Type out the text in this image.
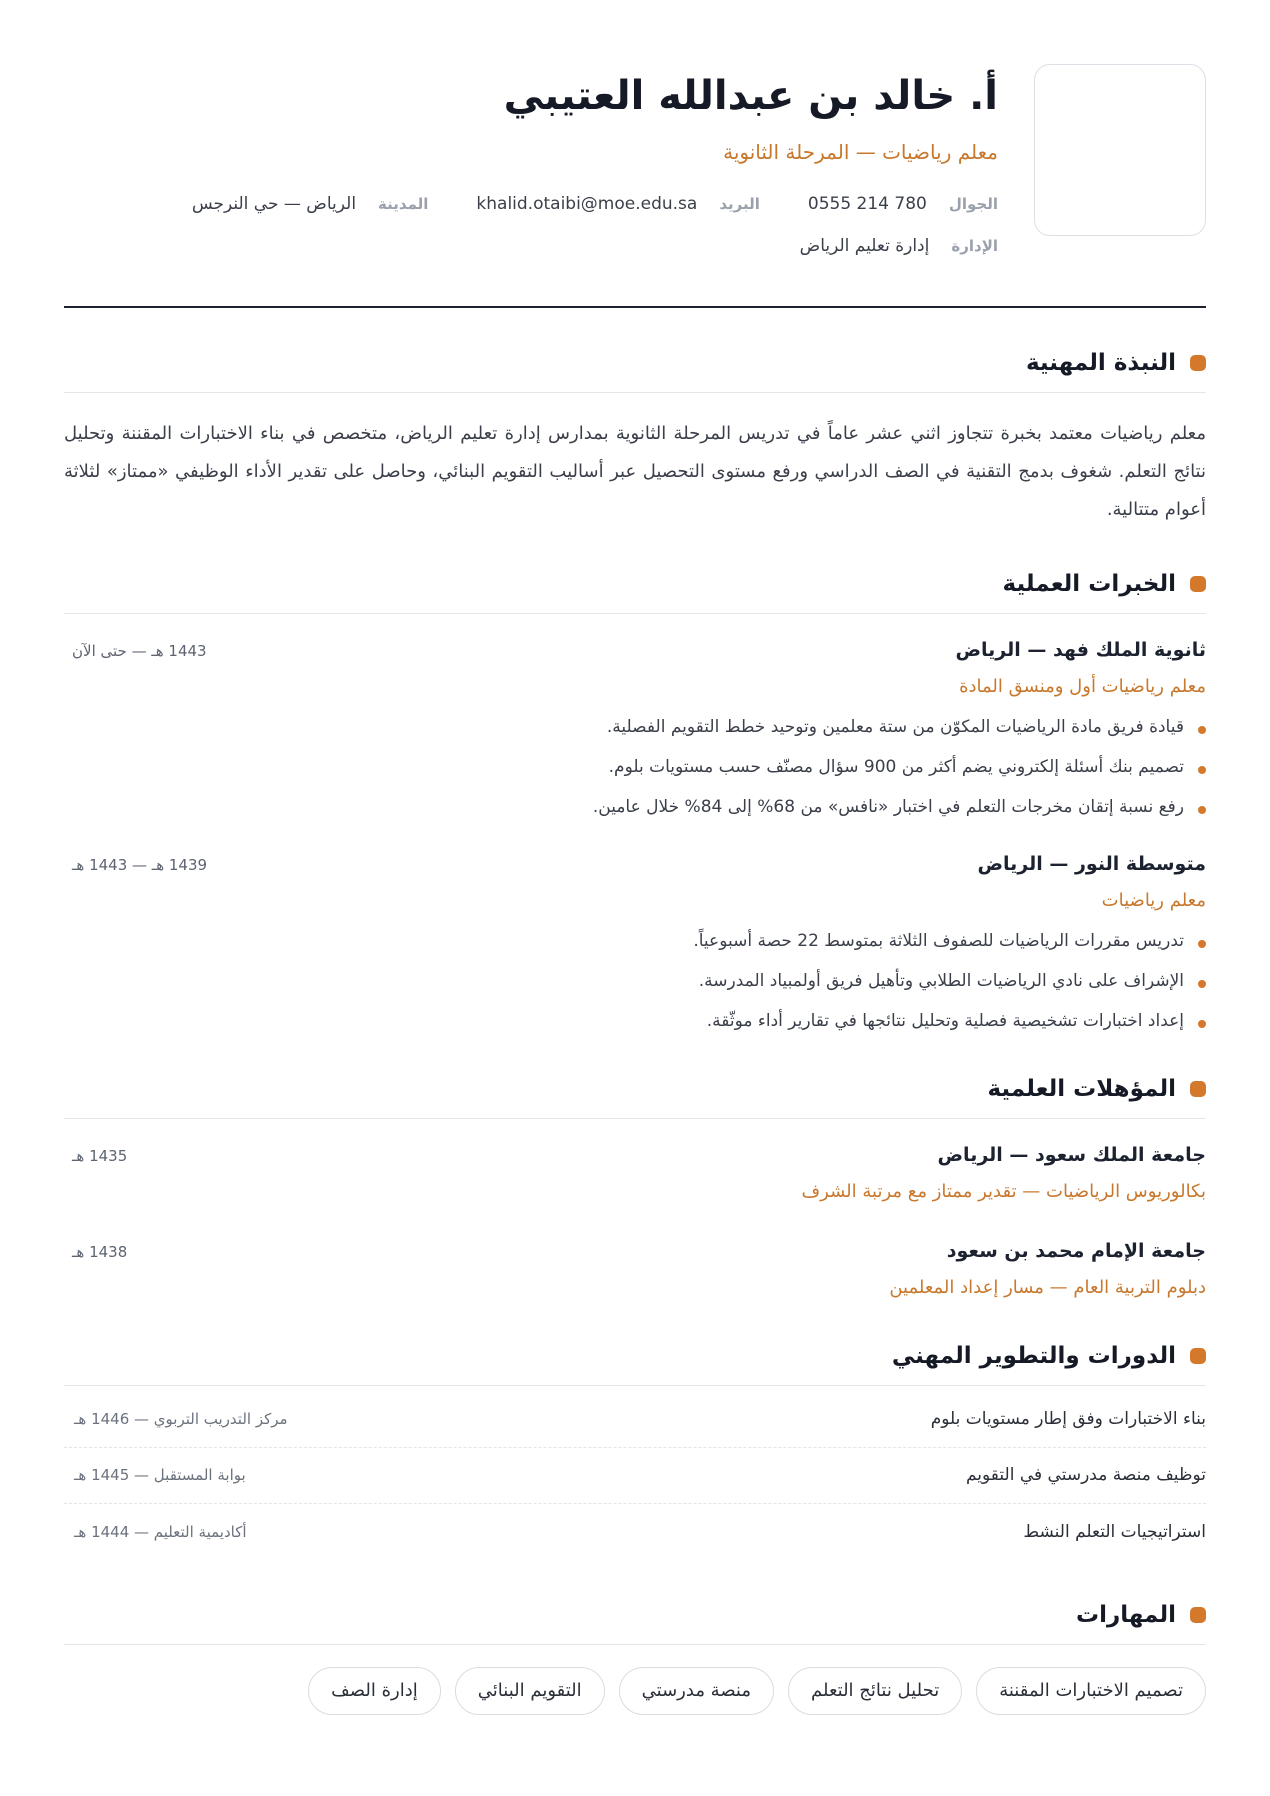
أ. خالد بن عبدالله العتيبي
معلم رياضيات — المرحلة الثانوية
الجوال
0555 214 780
البريد
khalid.otaibi@moe.edu.sa
المدينة
الرياض — حي النرجس
الإدارة
إدارة تعليم الرياض
النبذة المهنية

معلم رياضيات معتمد بخبرة تتجاوز اثني عشر عاماً في تدريس المرحلة الثانوية بمدارس إدارة تعليم الرياض، متخصص في بناء الاختبارات المقننة وتحليل نتائج التعلم. شغوف بدمج التقنية في الصف الدراسي ورفع مستوى التحصيل عبر أساليب التقويم البنائي، وحاصل على تقدير الأداء الوظيفي «ممتاز» لثلاثة أعوام متتالية.

الخبرات العملية
ثانوية الملك فهد — الرياض
1443 هـ — حتى الآن
معلم رياضيات أول ومنسق المادة
قيادة فريق مادة الرياضيات المكوّن من ستة معلمين وتوحيد خطط التقويم الفصلية.
تصميم بنك أسئلة إلكتروني يضم أكثر من 900 سؤال مصنّف حسب مستويات بلوم.
رفع نسبة إتقان مخرجات التعلم في اختبار «نافس» من 68% إلى 84% خلال عامين.
متوسطة النور — الرياض
1439 هـ — 1443 هـ
معلم رياضيات
تدريس مقررات الرياضيات للصفوف الثلاثة بمتوسط 22 حصة أسبوعياً.
الإشراف على نادي الرياضيات الطلابي وتأهيل فريق أولمبياد المدرسة.
إعداد اختبارات تشخيصية فصلية وتحليل نتائجها في تقارير أداء موثّقة.
المؤهلات العلمية
جامعة الملك سعود — الرياض
1435 هـ
بكالوريوس الرياضيات — تقدير ممتاز مع مرتبة الشرف
جامعة الإمام محمد بن سعود
1438 هـ
دبلوم التربية العام — مسار إعداد المعلمين
الدورات والتطوير المهني
بناء الاختبارات وفق إطار مستويات بلوم
مركز التدريب التربوي — 1446 هـ
توظيف منصة مدرستي في التقويم
بوابة المستقبل — 1445 هـ
استراتيجيات التعلم النشط
أكاديمية التعليم — 1444 هـ
المهارات
تصميم الاختبارات المقننة
تحليل نتائج التعلم
منصة مدرستي
التقويم البنائي
إدارة الصف
